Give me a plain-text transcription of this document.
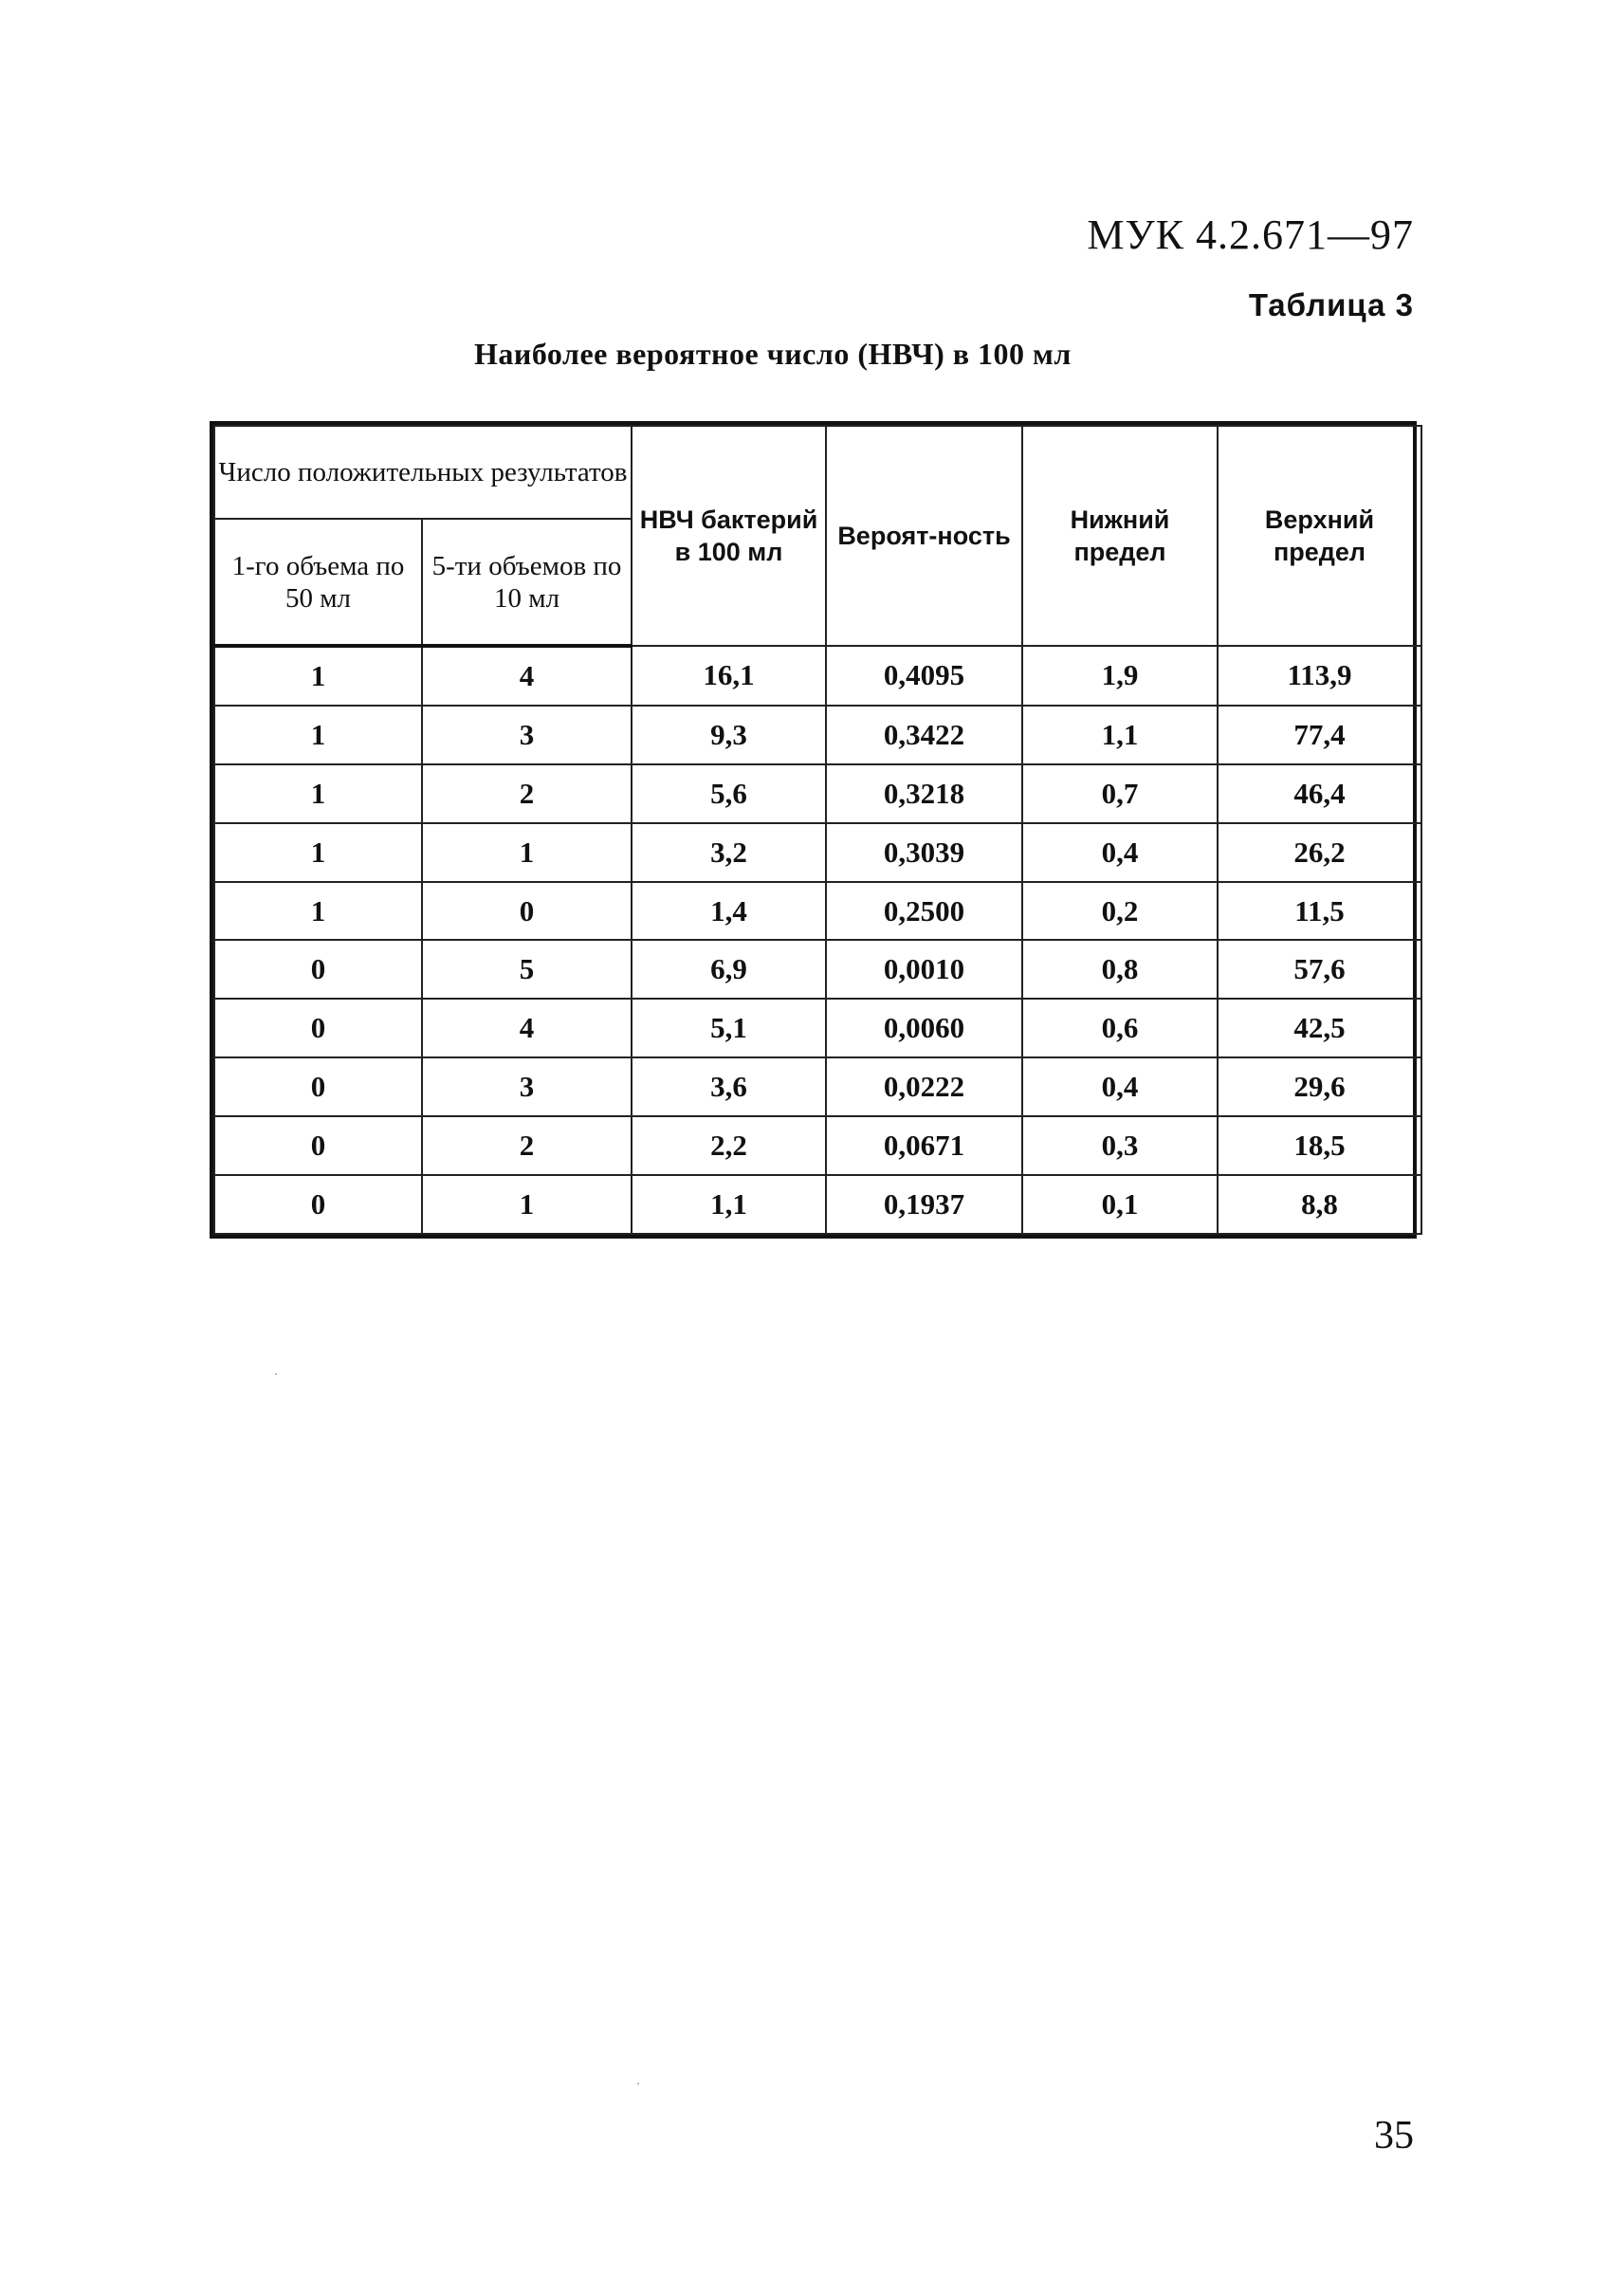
МУК 4.2.671—97
Таблица 3
Наиболее вероятное число (НВЧ) в 100 мл
Число положительных результатов		НВЧ бактерий в 100 мл	Вероят-ность	Нижний предел	Верхний предел
1-го объема по 50 мл	5-ти объемов по 10 мл				
1	4	16,1	0,4095	1,9	113,9
1	3	9,3	0,3422	1,1	77,4
1	2	5,6	0,3218	0,7	46,4
1	1	3,2	0,3039	0,4	26,2
1	0	1,4	0,2500	0,2	11,5
0	5	6,9	0,0010	0,8	57,6
0	4	5,1	0,0060	0,6	42,5
0	3	3,6	0,0222	0,4	29,6
0	2	2,2	0,0671	0,3	18,5
0	1	1,1	0,1937	0,1	8,8
35
